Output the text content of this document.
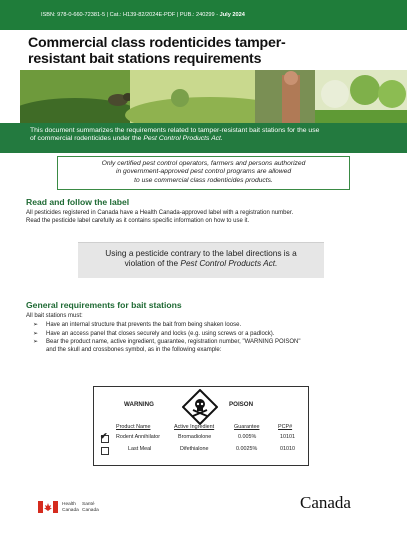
ISBN: 978-0-660-72381-5 | Cat.: H139-82/2024E-PDF | PUB.: 240299 - July 2024
Commercial class rodenticides tamper-
resistant bait stations requirements
This document summarizes the requirements related to tamper-resistant bait stations for the use
of commercial rodenticides under the Pest Control Products Act.
Only certified pest control operators, farmers and persons authorized
in government-approved pest control programs are allowed
to use commercial class rodenticides products.
Read and follow the label
All pesticides registered in Canada have a Health Canada-approved label with a registration number.
Read the pesticide label carefully as it contains specific information on how to use it.
Using a pesticide contrary to the label directions is a
violation of the Pest Control Products Act.
General requirements for bait stations
All bait stations must:
➢ Have an internal structure that prevents the bait from being shaken loose.
➢ Have an access panel that closes securely and locks (e.g. using screws or a padlock).
➢ Bear the product name, active ingredient, guarantee, registration number, "WARNING POISON"
and the skull and crossbones symbol, as in the following example:
WARNING	POISON
Product Name	Active Ingredient	Guarantee	PCP#
✔ Rodent Annihilator	Bromadiolone	0.005%	10101
Last Meal	Difethialone	0.0025%	01010
Health
Canada
Santé
Canada	Canada
